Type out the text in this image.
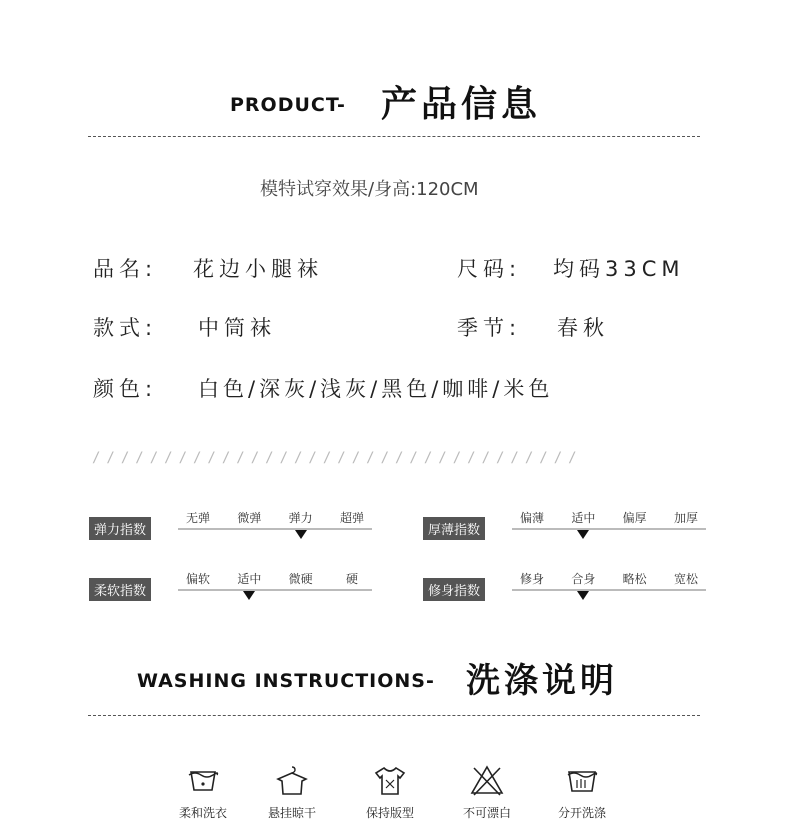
PRODUCT- 产品信息
模特试穿效果/身高:120CM
品名: 花边小腿袜	尺码: 均码33CM
款式: 中筒袜	季节: 春秋
颜色: 白色/深灰/浅灰/黑色/咖啡/米色
//////////////////////////////////
弹力指数
无弹 微弹 弹力 超弹
厚薄指数
偏薄 适中 偏厚 加厚
柔软指数
偏软 适中 微硬	硬
修身指数
修身 合身 略松 宽松
WASHING INSTRUCTIONS- 洗涤说明
柔和洗衣	悬挂晾干	保持版型	不可漂白	分开洗涤
